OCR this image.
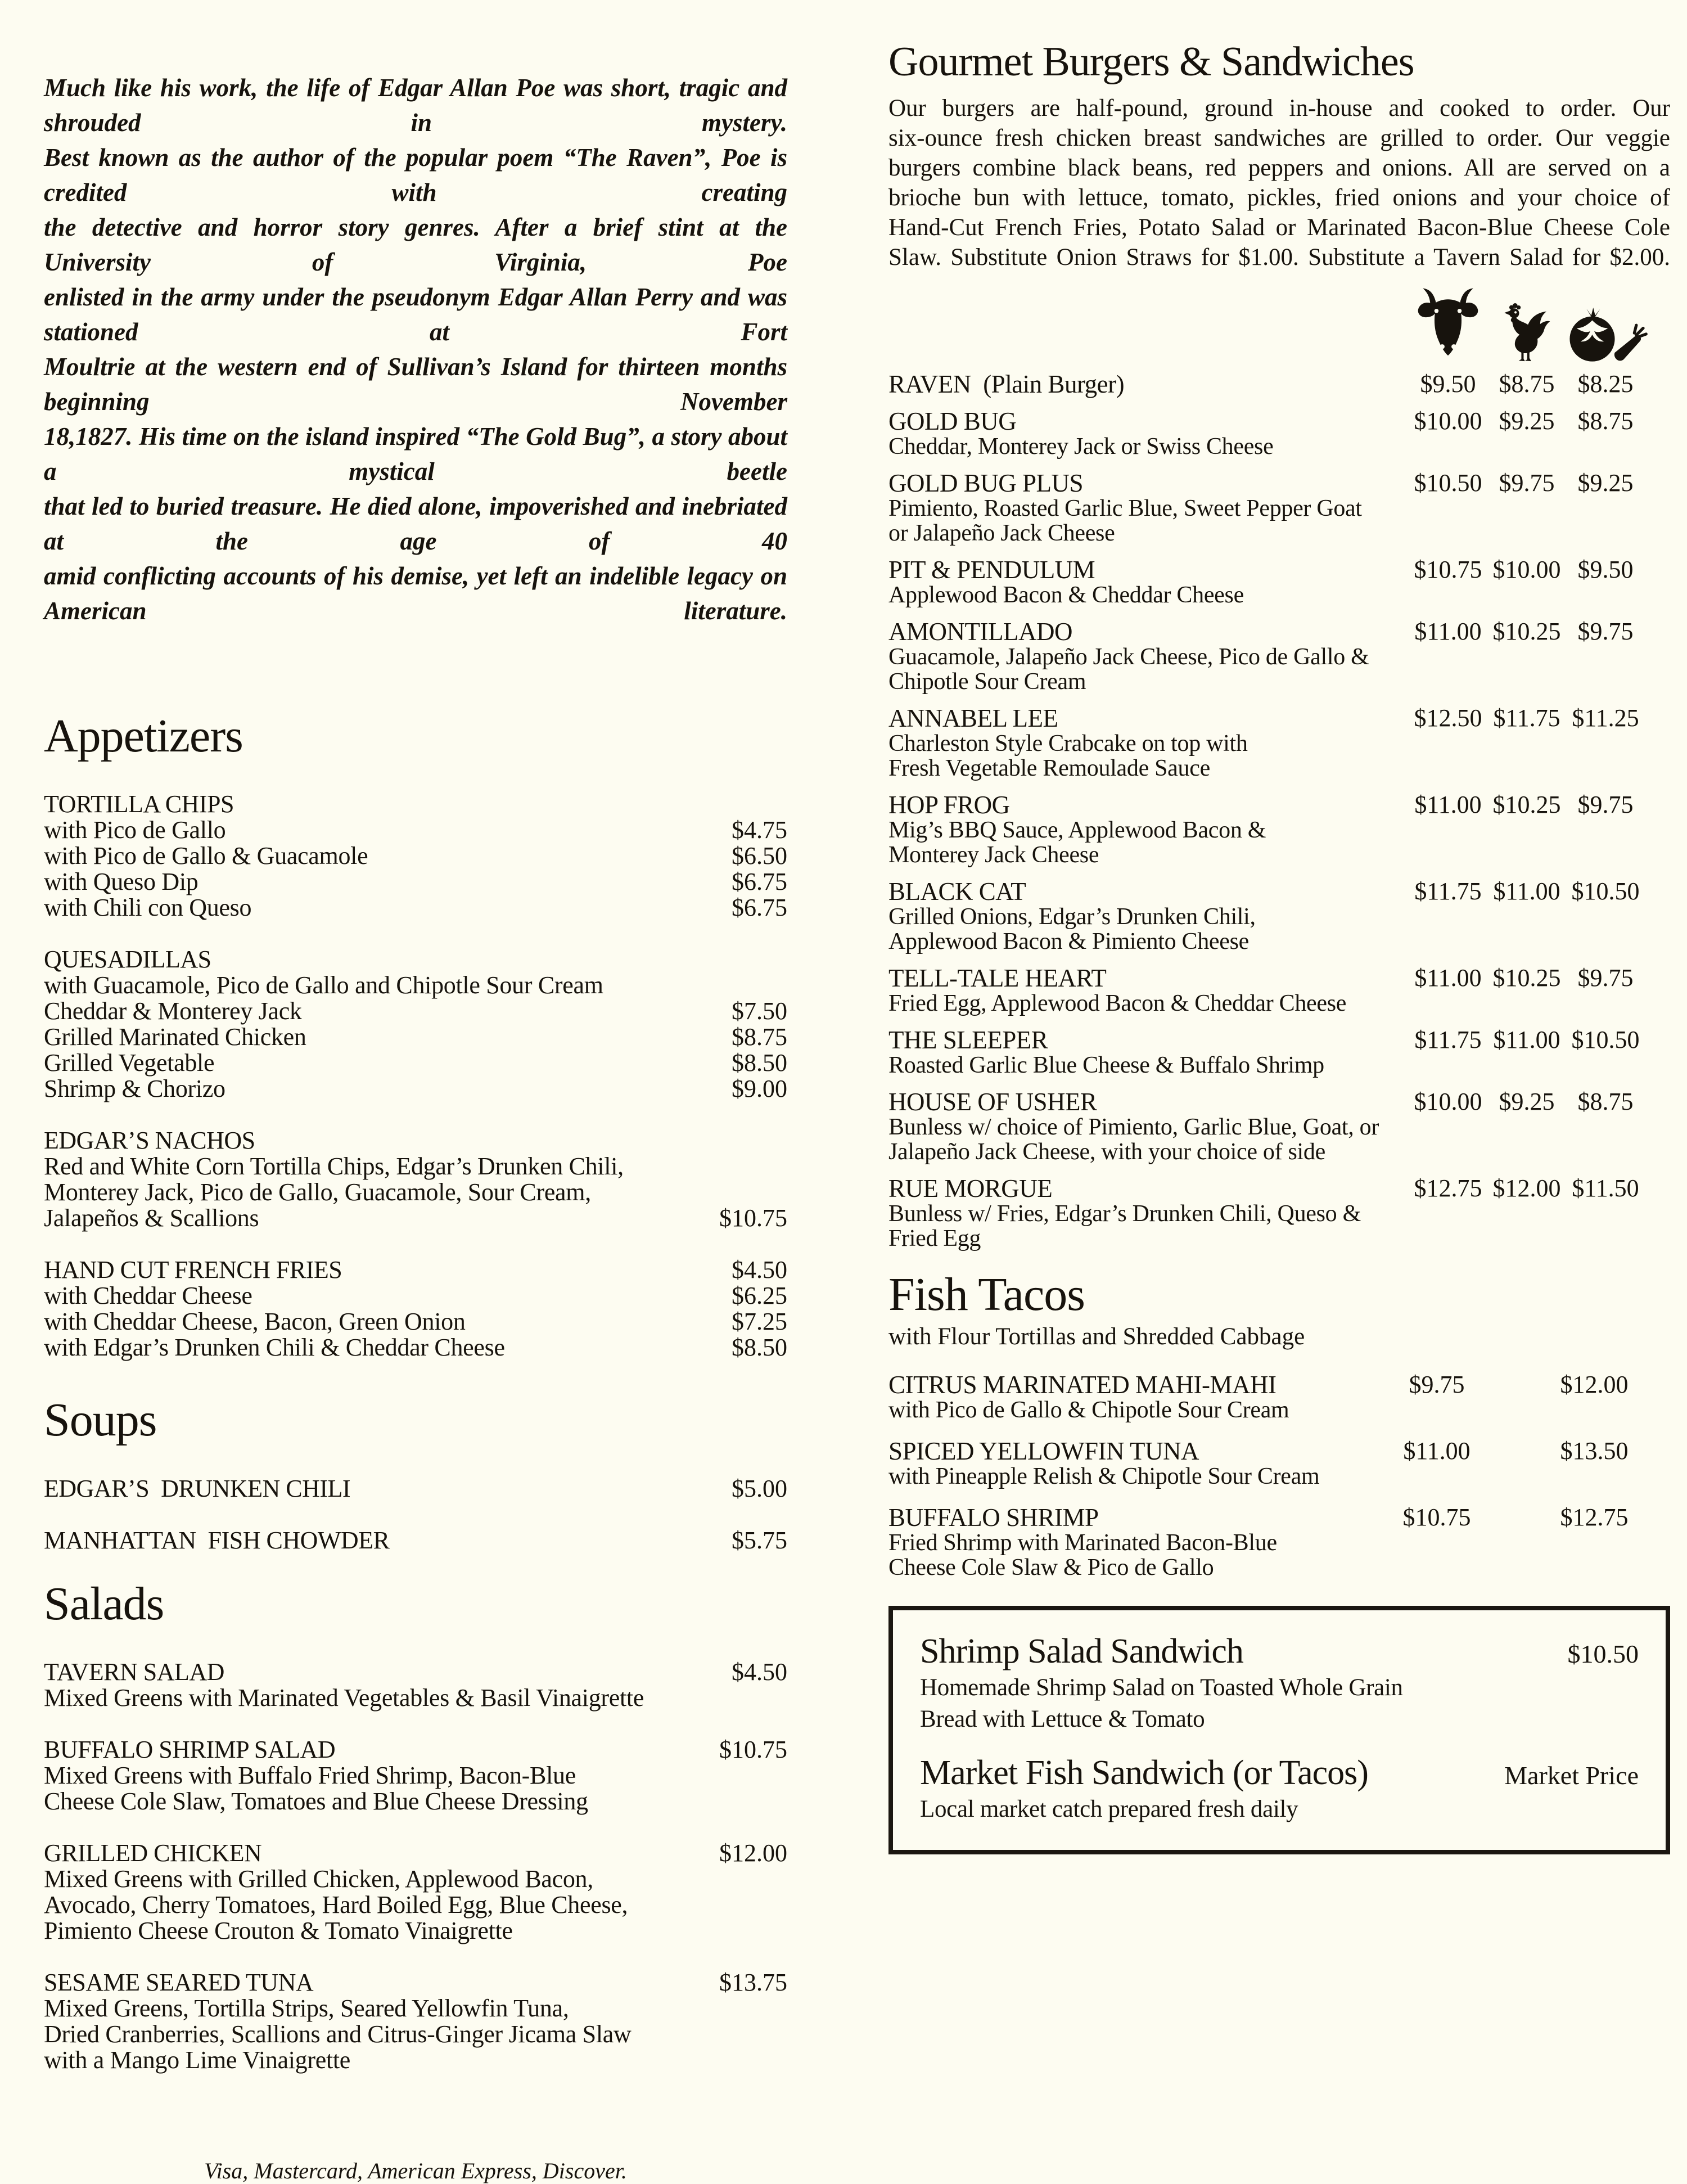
Much like his work, the life of Edgar Allan Poe was short, tragic and shrouded in mystery.
Best known as the author of the popular poem “The Raven”, Poe is credited with creating
the detective and horror story genres. After a brief stint at the University of Virginia, Poe
enlisted in the army under the pseudonym Edgar Allan Perry and was stationed at Fort
Moultrie at the western end of Sullivan’s Island for thirteen months beginning November
18,1827. His time on the island inspired “The Gold Bug”, a story about a mystical beetle
that led to buried treasure. He died alone, impoverished and inebriated at the age of 40
amid conflicting accounts of his demise, yet left an indelible legacy on American literature.
Appetizers
TORTILLA CHIPS
with Pico de Gallo	$4.75
with Pico de Gallo & Guacamole	$6.50
with Queso Dip	$6.75
with Chili con Queso	$6.75
QUESADILLAS
with Guacamole, Pico de Gallo and Chipotle Sour Cream
Cheddar & Monterey Jack	$7.50
Grilled Marinated Chicken	$8.75
Grilled Vegetable	$8.50
Shrimp & Chorizo	$9.00
EDGAR’S NACHOS
Red and White Corn Tortilla Chips, Edgar’s Drunken Chili,
Monterey Jack, Pico de Gallo, Guacamole, Sour Cream,
Jalapeños & Scallions	$10.75
HAND CUT FRENCH FRIES	$4.50
with Cheddar Cheese	$6.25
with Cheddar Cheese, Bacon, Green Onion	$7.25
with Edgar’s Drunken Chili & Cheddar Cheese	$8.50
Soups
EDGAR’S  DRUNKEN CHILI	$5.00
MANHATTAN  FISH CHOWDER	$5.75
Salads
TAVERN SALAD	$4.50
Mixed Greens with Marinated Vegetables & Basil Vinaigrette
BUFFALO SHRIMP SALAD	$10.75
Mixed Greens with Buffalo Fried Shrimp, Bacon-Blue
Cheese Cole Slaw, Tomatoes and Blue Cheese Dressing
GRILLED CHICKEN	$12.00
Mixed Greens with Grilled Chicken, Applewood Bacon,
Avocado, Cherry Tomatoes, Hard Boiled Egg, Blue Cheese,
Pimiento Cheese Crouton & Tomato Vinaigrette
SESAME SEARED TUNA	$13.75
Mixed Greens, Tortilla Strips, Seared Yellowfin Tuna,
Dried Cranberries, Scallions and Citrus-Ginger Jicama Slaw
with a Mango Lime Vinaigrette
Visa, Mastercard, American Express, Discover.
Gourmet Burgers & Sandwiches
Our burgers are half-pound, ground in-house and cooked to order. Our
six-ounce fresh chicken breast sandwiches are grilled to order. Our veggie
burgers combine black beans, red peppers and onions. All are served on a
brioche bun with lettuce, tomato, pickles, fried onions and your choice of
Hand-Cut French Fries, Potato Salad or Marinated Bacon-Blue Cheese Cole
Slaw. Substitute Onion Straws for $1.00. Substitute a Tavern Salad for $2.00.
RAVEN  (Plain Burger)	$9.50 $8.75 $8.25
GOLD BUG
Cheddar, Monterey Jack or Swiss Cheese
$10.00 $9.25 $8.75
GOLD BUG PLUS
Pimiento, Roasted Garlic Blue, Sweet Pepper Goat
or Jalapeño Jack Cheese
$10.50 $9.75 $9.25
PIT & PENDULUM
Applewood Bacon & Cheddar Cheese
$10.75 $10.00 $9.50
AMONTILLADO
Guacamole, Jalapeño Jack Cheese, Pico de Gallo &
Chipotle Sour Cream
$11.00 $10.25 $9.75
ANNABEL LEE
Charleston Style Crabcake on top with
Fresh Vegetable Remoulade Sauce
$12.50 $11.75 $11.25
HOP FROG
Mig’s BBQ Sauce, Applewood Bacon &
Monterey Jack Cheese
$11.00 $10.25 $9.75
BLACK CAT
Grilled Onions, Edgar’s Drunken Chili,
Applewood Bacon & Pimiento Cheese
$11.75 $11.00 $10.50
TELL-TALE HEART
Fried Egg, Applewood Bacon & Cheddar Cheese
$11.00 $10.25 $9.75
THE SLEEPER
Roasted Garlic Blue Cheese & Buffalo Shrimp
$11.75 $11.00 $10.50
HOUSE OF USHER
Bunless w/ choice of Pimiento, Garlic Blue, Goat, or
Jalapeño Jack Cheese, with your choice of side
$10.00 $9.25 $8.75
RUE MORGUE
Bunless w/ Fries, Edgar’s Drunken Chili, Queso & Fried Egg
$12.75 $12.00 $11.50
Fish Tacos
with Flour Tortillas and Shredded Cabbage
CITRUS MARINATED MAHI-MAHI
with Pico de Gallo & Chipotle Sour Cream
$9.75	$12.00
SPICED YELLOWFIN TUNA
with Pineapple Relish & Chipotle Sour Cream
$11.00	$13.50
BUFFALO SHRIMP
Fried Shrimp with Marinated Bacon-Blue
Cheese Cole Slaw & Pico de Gallo
$10.75	$12.75
Shrimp Salad Sandwich	$10.50
Homemade Shrimp Salad on Toasted Whole Grain
Bread with Lettuce & Tomato
Market Fish Sandwich (or Tacos)	Market Price
Local market catch prepared fresh daily
